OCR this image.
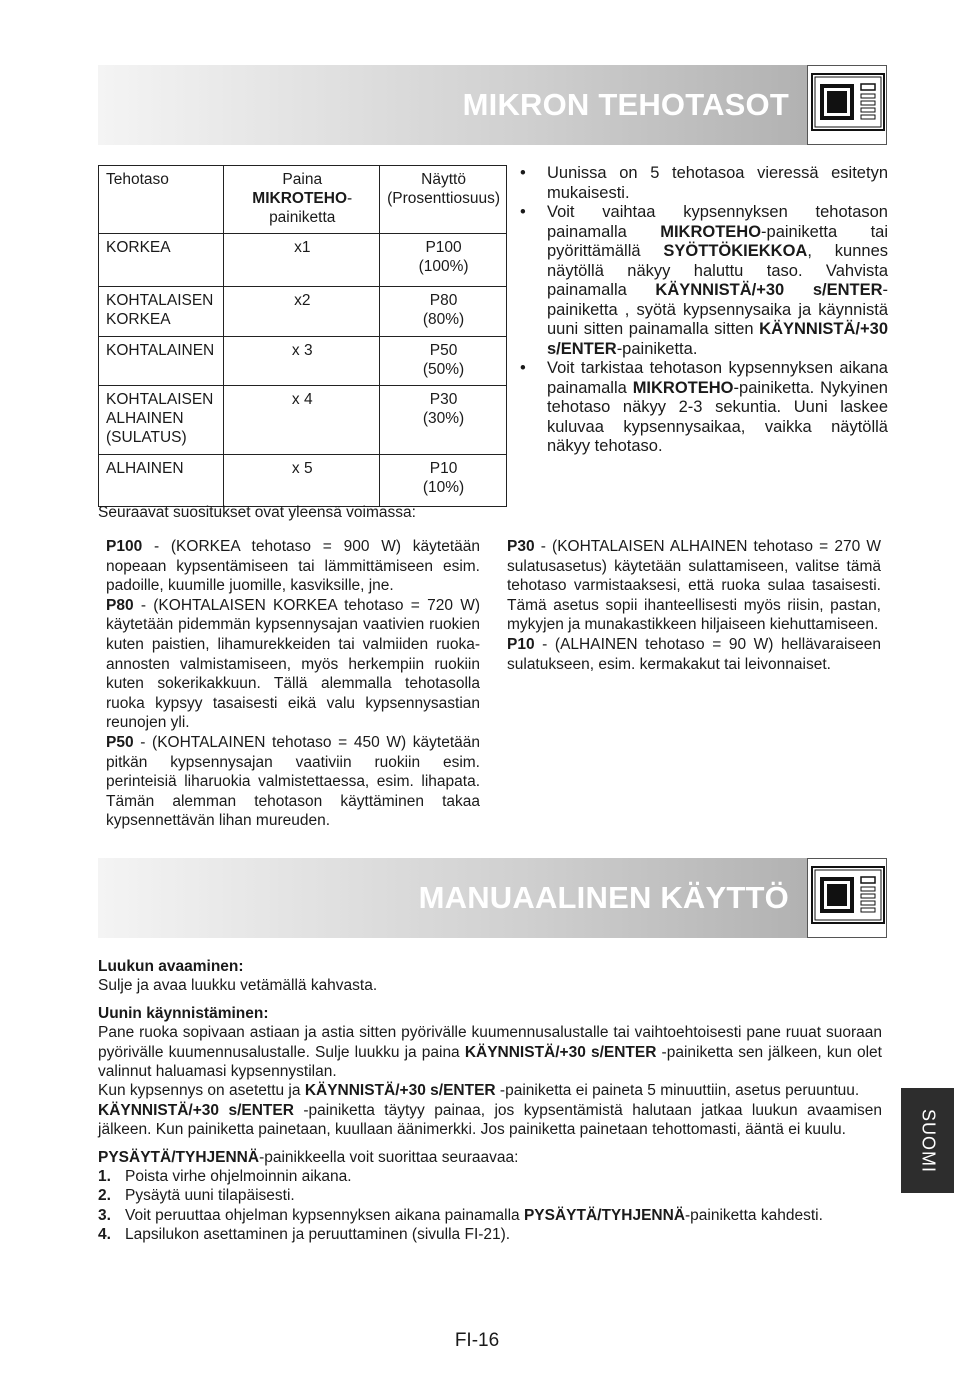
MIKRON TEHOTASOT
Tehotaso	Paina MIKROTEHO-painiketta	Näyttö (Prosenttiosuus)
KORKEA	x1	P100
(100%)
KOHTALAISEN KORKEA	x2	P80
(80%)
KOHTALAINEN	x 3	P50
(50%)
KOHTALAISEN ALHAINEN (SULATUS)	x 4	P30
(30%)
ALHAINEN	x 5	P10
(10%)
• Uunissa on 5 tehotasoa vieressä esitetyn mukaisesti.
• Voit vaihtaa kypsennyksen tehotason painamalla MIKROTEHO-painiketta tai pyörittämällä SYÖTTÖKIEKKOA, kunnes näytöllä näkyy haluttu taso. Vahvista painamalla KÄYNNISTÄ/+30 s/ENTER-painiketta , syötä kypsennysaika ja käynnistä uuni sitten painamalla sitten KÄYNNISTÄ/+30 s/ENTER-painiketta.
• Voit tarkistaa tehotason kypsennyksen aikana painamalla MIKROTEHO-painiketta. Nykyinen tehotaso näkyy 2-3 sekuntia. Uuni laskee kuluvaa kypsennysaikaa, vaikka näytöllä näkyy tehotaso.
Seuraavat suositukset ovat yleensä voimassa:

P100 - (KORKEA tehotaso = 900 W) käytetään nopeaan kypsentämiseen tai lämmittämiseen esim. padoille, kuumille juomille, kasviksille, jne.

P80 - (KOHTALAISEN KORKEA tehotaso = 720 W) käytetään pidemmän kypsennysajan vaativien ruokien kuten paistien, lihamurekkeiden tai valmiiden ruoka-annosten valmistamiseen, myös herkempiin ruokiin kuten sokerikakkuun. Tällä alemmalla tehotasolla ruoka kypsyy tasaisesti eikä valu kypsennysastian reunojen yli.

P50 - (KOHTALAINEN tehotaso = 450 W) käytetään pitkän kypsennysajan vaativiin ruokiin esim. perinteisiä liharuokia valmistettaessa, esim. lihapata. Tämän alemman tehotason käyttäminen takaa kypsennettävän lihan mureuden.

P30 - (KOHTALAISEN ALHAINEN tehotaso = 270 W sulatusasetus) käytetään sulattamiseen, valitse tämä tehotaso varmistaaksesi, että ruoka sulaa tasaisesti. Tämä asetus sopii ihanteellisesti myös riisin, pastan, mykyjen ja munakastikkeen hiljaiseen kiehuttamiseen.

P10 - (ALHAINEN tehotaso = 90 W) hellävaraiseen sulatukseen, esim. kermakakut tai leivonnaiset.

MANUAALINEN KÄYTTÖ

Luukun avaaminen:

Sulje ja avaa luukku vetämällä kahvasta.

Uunin käynnistäminen:

Pane ruoka sopivaan astiaan ja astia sitten pyörivälle kuumennusalustalle tai vaihtoehtoisesti pane ruuat suoraan pyörivälle kuumennusalustalle. Sulje luukku ja paina KÄYNNISTÄ/+30 s/ENTER -painiketta sen jälkeen, kun olet valinnut haluamasi kypsennystilan.

Kun kypsennys on asetettu ja KÄYNNISTÄ/+30 s/ENTER -painiketta ei paineta 5 minuuttiin, asetus peruuntuu.

KÄYNNISTÄ/+30 s/ENTER -painiketta täytyy painaa, jos kypsentämistä halutaan jatkaa luukun avaamisen jälkeen. Kun painiketta painetaan, kuullaan äänimerkki. Jos painiketta painetaan tehottomasti, ääntä ei kuulu.

PYSÄYTÄ/TYHJENNÄ-painikkeella voit suorittaa seuraavaa:

1. Poista virhe ohjelmoinnin aikana.
2. Pysäytä uuni tilapäisesti.
3. Voit peruuttaa ohjelman kypsennyksen aikana painamalla PYSÄYTÄ/TYHJENNÄ-painiketta kahdesti.
4. Lapsilukon asettaminen ja peruuttaminen (sivulla FI-21).
SUOMI
FI-16
